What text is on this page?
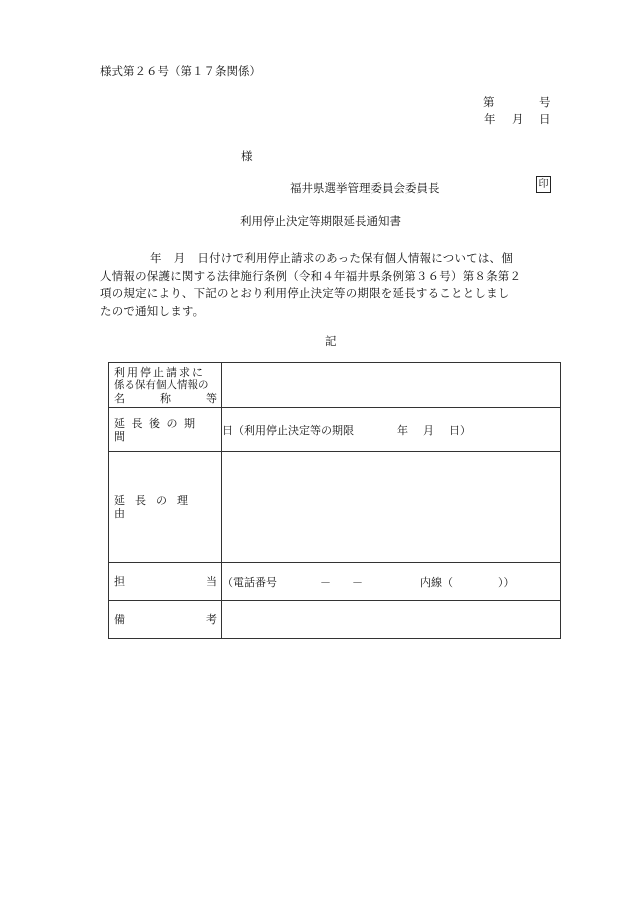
様式第２６号（第１７条関係）
第	号
年 月 日
様
福井県選挙管理委員会委員長	印
利用停止決定等期限延長通知書
年 月 日付けで利用停止請求のあった保有個人情報については、個
人情報の保護に関する法律施行条例（令和４年福井県条例第３６号）第８条第２
項の規定により、下記のとおり利用停止決定等の期限を延長することとしまし
たので通知します。
記
利用停止請求に
係る保有個人情報の
名 称 等	

延長後の期間	日（利用停止決定等の期限 年 月 日）

延長の理由	

担 当	（電話番号 － － 内線（ ））

備 考	
